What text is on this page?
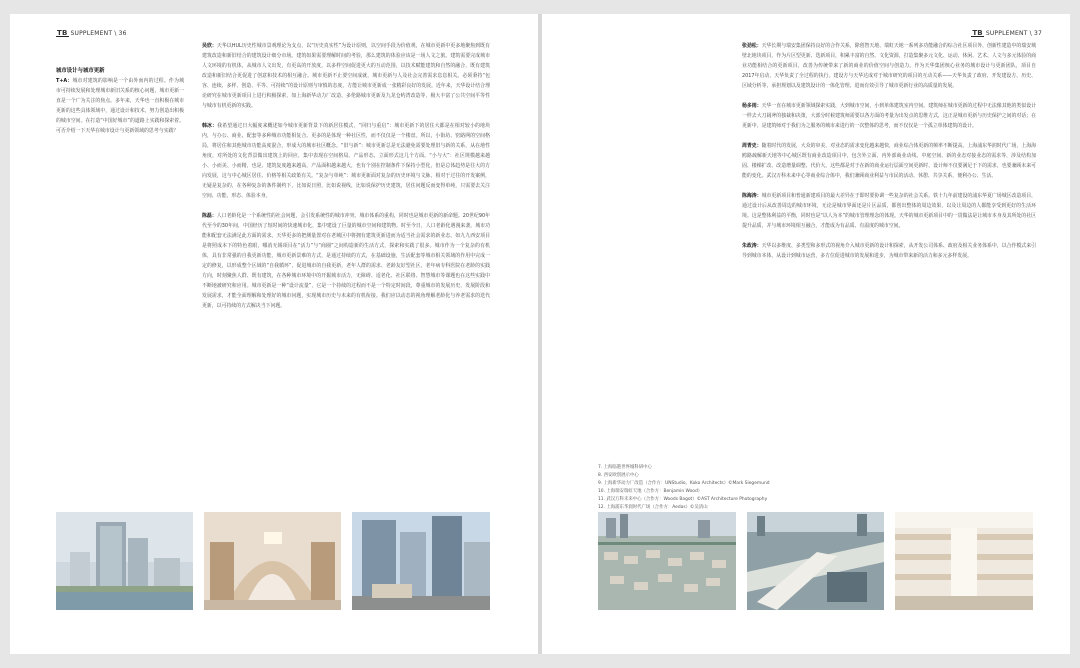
TB SUPPLEMENT \ 36
城市设计与城市更新

T+A：城市对建筑的影响是一个由外而内的过程。作为城市可持续发展和处理城市新旧关系的核心问题，城市更新一直是一个广为关注的焦点。多年来，天华也一直积极在城市更新的这些具体领域中，通过设计和技术，努力创造出积极的城市空间。在打造“中国好城市”的道路上实践和探索着。可否介绍一下天华在城市设计与更新领域的思考与实践？

吴欣：天华以HUL历史性城市景观理论为支点，以“历史真实性”为设计原则，以空间手段为价值观，在城市更新中更多地聚焦到既有建筑改造和新旧结合的建筑设计细分市场。建筑如果需要理解时间的考验，那么建筑的体验应该是一场人文之旅。建筑需要完成城市人文环境的有机体，从城市人文出发，有更高的开放度，以多样空间促进更大的互动范围，以技术赋能建筑和自然的融合，既有建筑改造和新旧结合更促进了创意和技术的相互融合。城市更新不止要空间成就，城市更新与人及社会完善需求息息相关。必须秉持“包容、连续、多样、创造、平等、可持续”的设计原则与审慎的态度，方能让城市更新成一张精彩良好的发展。近年来，天华设计结合理论研究在城市更新项目上进行积极探索，如上海新华动力厂改造、多伦路城市更新及九龙仓屿湾改造等，极大丰富了公共空间平等性与城市有机更新的实践。

韩冰：我希望通过日大幅度来概述如今城市更新背景下的新居住模式，“回归与重启”：城市更新下的居住大都是在相对较小的地块内，与办公、商业、配套等多种城市功能相复合。更多的是体现一种社区性，而不仅仅是一个楼盘。所以，小街坊、密路网的空间格局，将居住和其他城市功能高度混合，形成大的城市社区概念。“旧与新”：城市更新总是无法避免需要处理旧与新的关系，从在地性角度，对所处的文化背景做出建筑上的回应，集中表现在空间格局、产品形态、立面形式这几个方面。“小与大”：社区规模越来越小、小而美、小而精，也是、建筑复度越来越高，产品面积越来越大，也有个别在控制条件下保持小型化，但是总体趋势是往大的方向发展，这与中心城区居住、价格等相关政策有关。“复杂与单纯”：城市更新面对复杂的历史环境与文脉，相对于过往的开发案例，无疑是复杂的，在各种复杂的条件制约下，比如说日照，比如说视线，比如说保护历史建筑，居住问题反而变得单纯，只需要去关注空间、功能、形态、体验本身。

陈磊：人口老龄化是一个系统性的社会问题，会引发系统性的城市冲突、城市体系的重构，同时也是城市更新的新命题。20世纪90年代至今的30年间，中国经历了短时间的快速城市化，集中建设了巨量的城市空间和建筑物。时至今日，人口老龄化遇漫来袭，城市功能和配套无法满足此方面的需求。天华更多的把测量置对在老城区中将拥有建筑更新进而为适当社会需求的新业态。如九九西安项目是将照成本下的特色着眼，哪消无锡项目在“活力”与“商圈”之间构造新的生活方式，探索和实践了很多。城市作为一个复杂的有机体，具有非常强的自我更新功能，城市更新景难的方式，是通过持续的方式，在基础设施，生活配套等城市相关领域的作用中完成一定的修复，以形成整个区域的“自我循环”，促进城市的自我更新，老年人群的需求、老龄友好型社区，老年病专科医院在老龄的实践方向，时刻聚焦人群、既有建筑，在各种城市环境中的开掘城市活力，无障碍、适老化、社区联络、智慧城市等课题也在这些实践中不断地被研究和应用。城市更新是一种“设计流量”，它是一个持续的过程而不是一个特定时间段，尊重城市的发展历史、发展阶段和发展需求，才能全面理解和处理好的城市问题，实现城市历史与未来的有机衔接。我们应以动态的视角理解老龄化与养老需求的迭代更新，以可持续的方式解决当下问题。

TB SUPPLEMENT \ 37

张劲松：天华长期与瑞安集团保持良好的合作关系，除创智天地、瑞虹天地一系列多功能融合的综合社区项目外，创新性建造中的瑞安城壁北地块项目，作为片区型更新、迭新项目，积累丰富的自然、文化资源，打造集聚多元文化、运动、休闲、艺术、人文与多元体验的商业功能相结合的更新项目，改善为传统带来了新的商业的价值空间与创造力。作为天华集团核心业务的城市设计与更新团队，项目自2017年启动，天华负责了全过程的执行。建设方与天华达成对于城市研究的项目的互动关系——天华负责了政府、开发建设方、历史、区域分析等，承担规划以及建筑设计的一体化管理，进而有效引导了城市更新行业的高质量的发展。

杨多雨：天华一直在城市更新领域探索实践，大到城市空间，小到单体建筑室内空间。建筑师在城市更新的过程中无法像其他的类似设计一样去大刀阔斧的独裁和决策，大部分时候建筑师需要以各方面的考量为出发点的思维方式，这正是城市更新与历史保护之间的对话；在更新中，是建筑师对于我们为之服务的城市来进行的一次整体的思考，而不仅仅是一个孤立单体建筑的设计。

周青史：随着时代的发展，大众的审美、对业态的需求变化越来越快，商业综合体更新的频率不断提高。上海浦东华润时代广场，上海海鸥路疏解新天地等中心城区既有商业改造项目中，包含外立面、内外部商业动线、中庭空间、新的业态对接业态的需求等，涉及结构加固、楼梯扩改、改造增量调整、代价大。这些都是对于在新的商业运行层面空间更新时，设计师不仅要满足于下的需求，也要兼顾未来可能的变化。武汉万科未来中心等商业综合体中，我们兼顾商业利益与市民的活动、休憩、共享关系，便利办公、生活。

陈海涛：城市更新项目和普通新建项目的最大差异在于即时要协调一些复杂的社会关系。铁十九年前建设的浦东华夏广场城区改造项目，通过设计后从改善周边的城市环境，无论是城市界面还是片区品质，都创出整体的周边效果，以及让周边的人都能享受到更好的生活环境。这是整体利益的平衡，同时也是“以人为本”的城市管理理念的体现。天华的城市更新项目中的一贯做法是让城市本身及其所处的社区提升品质，并与城市环境相互融合，才能成为有品质、有温度的城市空间。

朱政涛：天华以多维度、多类型和多形式的视角介入城市更新的设计和探索，从开发公司体系、政府及相关业务体系中，以合作模式来引导到城市本体，从设计到城市运营，多方位促进城市的发展和进步，为城市带来新的活力和多元多样发展。

7. 上海临港世界城科研中心
8. 西安欧创展示中心
9. 上海新华动力厂改造（合作方：UNStudio、Koko Architects）©Mark Siegemund
10. 上海瑞安瑞虹天地（合作方：Benjamin Wood）
11. 武汉万科未来中心（合作方：Woods Bagot）©AST Architecture Photography
12. 上海浦东华润时代广场（合作方：Aedas）©吴清山
